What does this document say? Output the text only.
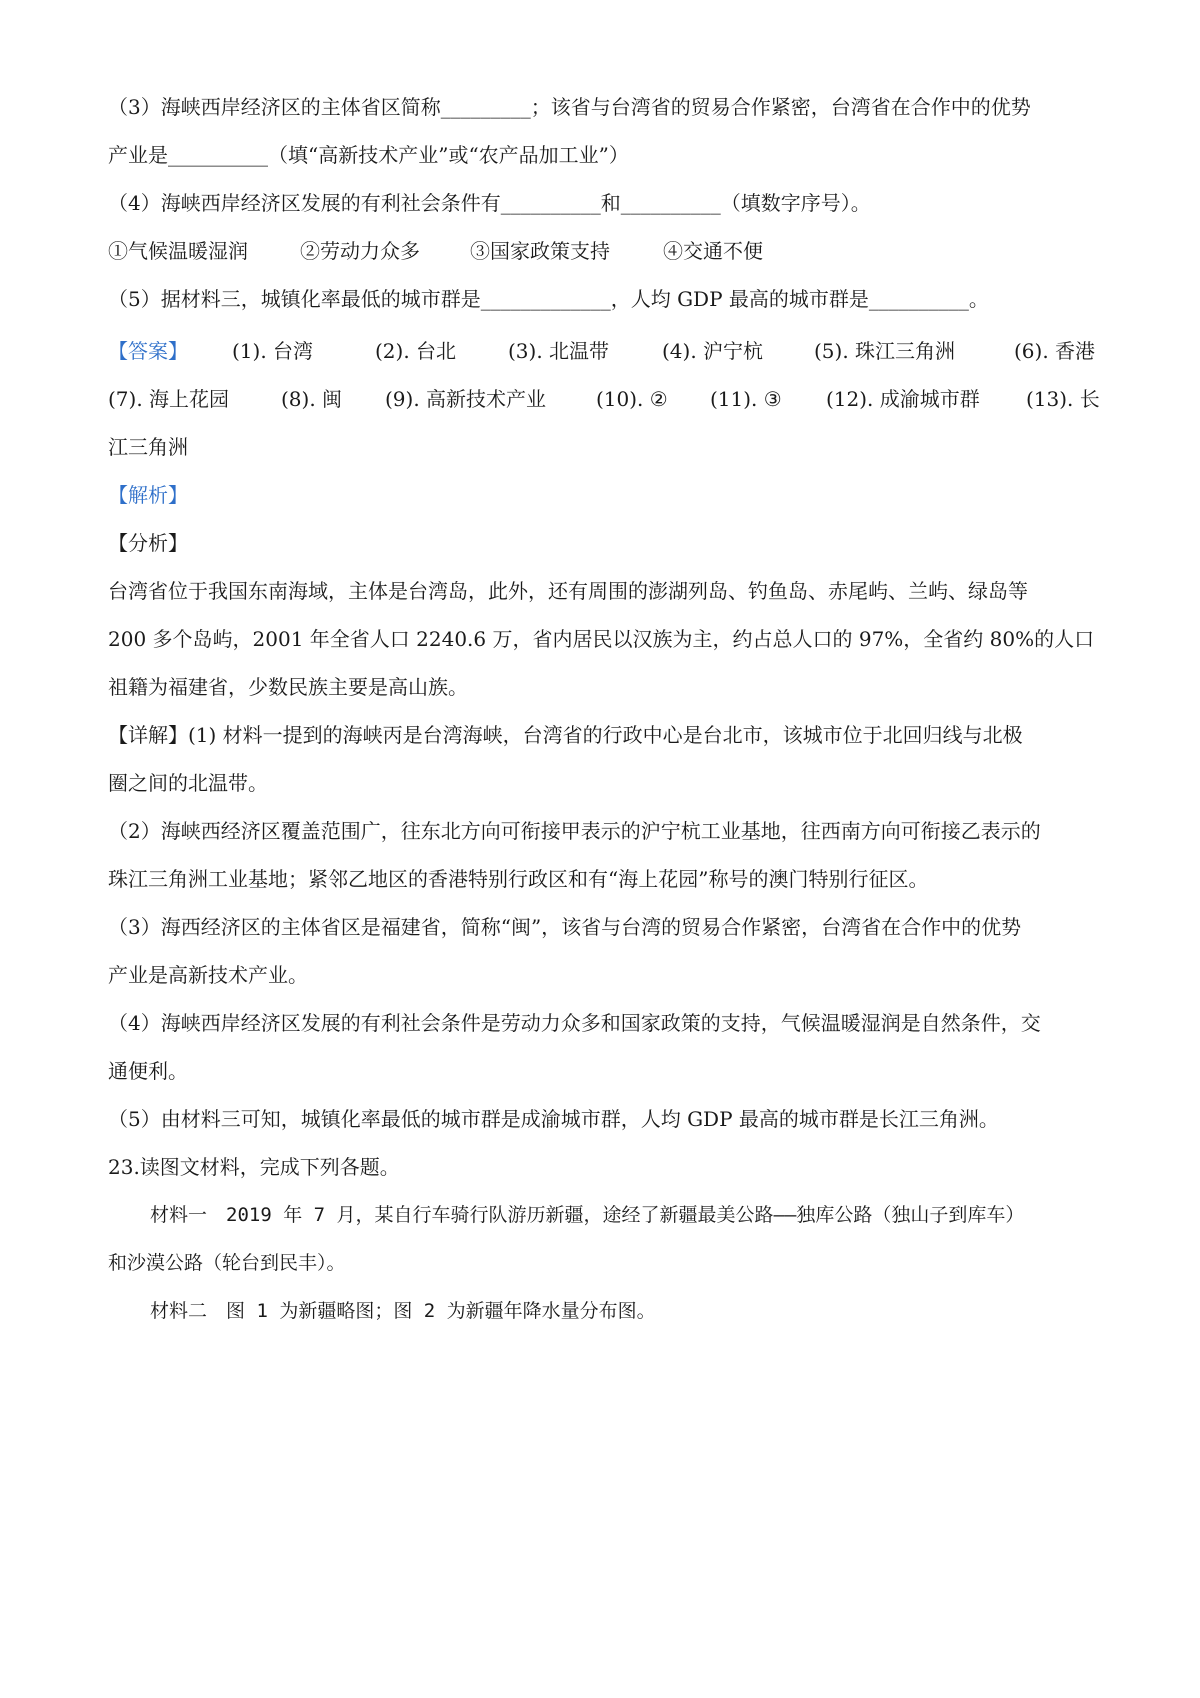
（3）海峡西岸经济区的主体省区简称_________；该省与台湾省的贸易合作紧密，台湾省在合作中的优势
产业是__________（填“高新技术产业”或“农产品加工业”）
（4）海峡西岸经济区发展的有利社会条件有__________和__________（填数字序号）。
①气候温暖湿润	②劳动力众多	③国家政策支持	④交通不便
（5）据材料三，城镇化率最低的城市群是_____________，人均 GDP 最高的城市群是__________。
【答案】 (1). 台湾	(2). 台北	(3). 北温带	(4). 沪宁杭	(5). 珠江三角洲	(6). 香港
(7). 海上花园	(8). 闽 (9). 高新技术产业 (10). ② (11). ③ (12). 成渝城市群 (13). 长
江三角洲
【解析】
【分析】
台湾省位于我国东南海域，主体是台湾岛，此外，还有周围的澎湖列岛、钓鱼岛、赤尾屿、兰屿、绿岛等
200 多个岛屿，2001 年全省人口 2240.6 万，省内居民以汉族为主，约占总人口的 97%，全省约 80%的人口
祖籍为福建省，少数民族主要是高山族。
【详解】(1) 材料一提到的海峡丙是台湾海峡，台湾省的行政中心是台北市，该城市位于北回归线与北极
圈之间的北温带。
（2）海峡西经济区覆盖范围广，往东北方向可衔接甲表示的沪宁杭工业基地，往西南方向可衔接乙表示的
珠江三角洲工业基地；紧邻乙地区的香港特别行政区和有“海上花园”称号的澳门特别行征区。
（3）海西经济区的主体省区是福建省，简称“闽”，该省与台湾的贸易合作紧密，台湾省在合作中的优势
产业是高新技术产业。
（4）海峡西岸经济区发展的有利社会条件是劳动力众多和国家政策的支持，气候温暖湿润是自然条件，交
通便利。
（5）由材料三可知，城镇化率最低的城市群是成渝城市群，人均 GDP 最高的城市群是长江三角洲。
23.读图文材料，完成下列各题。
材料一　2019 年 7 月，某自行车骑行队游历新疆，途经了新疆最美公路——独库公路（独山子到库车）
和沙漠公路（轮台到民丰）。
材料二　图 1 为新疆略图；图 2 为新疆年降水量分布图。
